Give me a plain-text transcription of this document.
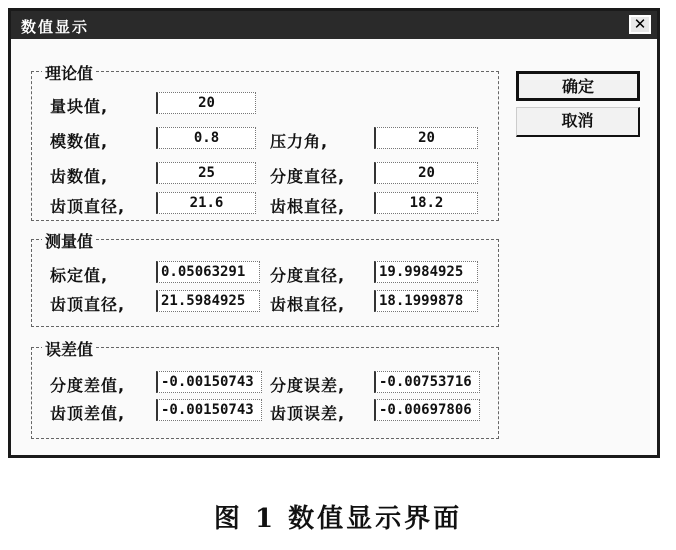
数值显示	✕
理论值
量块值,	20
模数值,	0.8	压力角,	20
齿数值,	25	分度直径,	20
齿顶直径,	21.6	齿根直径,	18.2
测量值
标定值,	0.05063291	分度直径,	19.9984925
齿顶直径,	21.5984925	齿根直径,	18.1999878
误差值
分度差值,	-0.00150743	分度误差,	-0.00753716
齿顶差值,	-0.00150743	齿顶误差,	-0.00697806
确定
取消
图 1 数值显示界面
